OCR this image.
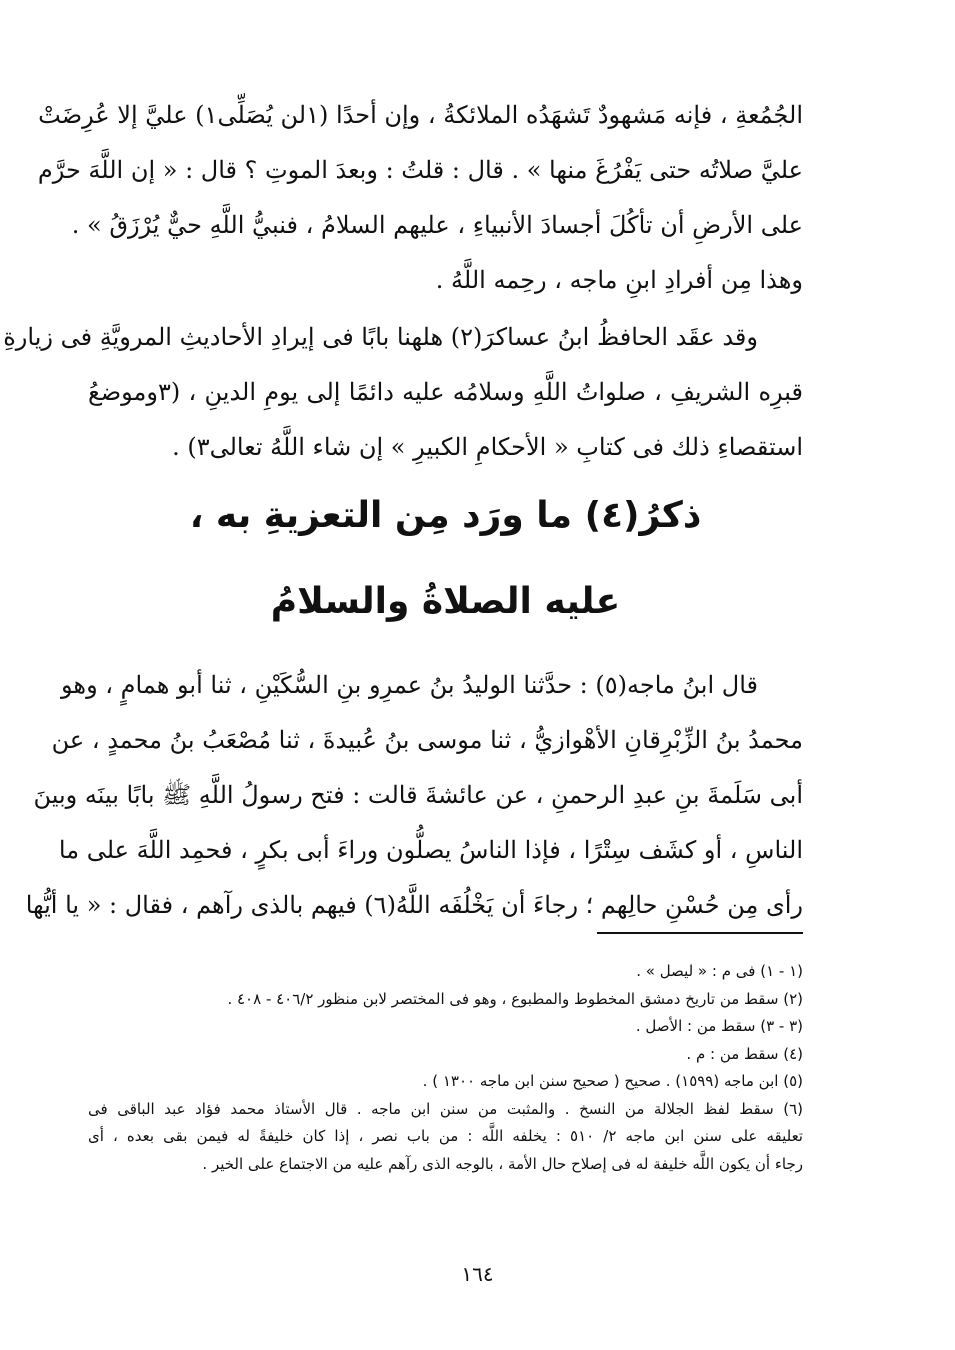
الجُمُعةِ ، فإنه مَشهودٌ تَشهَدُه الملائكةُ ، وإن أحدًا (١لن يُصَلِّى١) عليَّ إلا عُرِضَتْ
عليَّ صلاتُه حتى يَفْرُغَ منها » . قال : قلتُ : وبعدَ الموتِ ؟ قال : « إن اللَّهَ حرَّم
على الأرضِ أن تأكُلَ أجسادَ الأنبياءِ ، عليهم السلامُ ، فنبيُّ اللَّهِ حيٌّ يُرْزَقُ » .
وهذا مِن أفرادِ ابنِ ماجه ، رحِمه اللَّهُ .
وقد عقَد الحافظُ ابنُ عساكرَ(٢) هلهنا بابًا فى إيرادِ الأحاديثِ المرويَّةِ فى زيارةِ
قبرِه الشريفِ ، صلواتُ اللَّهِ وسلامُه عليه دائمًا إلى يومِ الدينِ ، (٣وموضعُ
استقصاءِ ذلك فى كتابِ « الأحكامِ الكبيرِ » إن شاء اللَّهُ تعالى٣) .
ذكرُ(٤) ما ورَد مِن التعزيةِ به ،
عليه الصلاةُ والسلامُ
قال ابنُ ماجه(٥) : حدَّثنا الوليدُ بنُ عمرِو بنِ السُّكَيْنِ ، ثنا أبو همامٍ ، وهو
محمدُ بنُ الزِّبْرِقانِ الأهْوازيُّ ، ثنا موسى بنُ عُبيدةَ ، ثنا مُصْعَبُ بنُ محمدٍ ، عن
أبى سَلَمةَ بنِ عبدِ الرحمنِ ، عن عائشةَ قالت : فتح رسولُ اللَّهِ ﷺ بابًا بينَه وبينَ
الناسِ ، أو كشَف سِتْرًا ، فإذا الناسُ يصلُّون وراءَ أبى بكرٍ ، فحمِد اللَّهَ على ما
رأى مِن حُسْنِ حالِهم ؛ رجاءَ أن يَخْلُفَه اللَّهُ(٦) فيهم بالذى رآهم ، فقال : « يا أيُّها
(١ - ١) فى م : « ليصل » .
(٢) سقط من تاريخ دمشق المخطوط والمطبوع ، وهو فى المختصر لابن منظور ٤٠٦/٢ - ٤٠٨ .
(٣ - ٣) سقط من : الأصل .
(٤) سقط من : م .
(٥) ابن ماجه (١٥٩٩) . صحيح ( صحيح سنن ابن ماجه ١٣٠٠ ) .
(٦) سقط لفظ الجلالة من النسخ . والمثبت من سنن ابن ماجه . قال الأستاذ محمد فؤاد عبد الباقى فى
تعليقه على سنن ابن ماجه ٢/ ٥١٠ : يخلفه اللَّه : من باب نصر ، إذا كان خليفةً له فيمن بقى بعده ، أى
رجاء أن يكون اللَّه خليفة له فى إصلاح حال الأمة ، بالوجه الذى رآهم عليه من الاجتماع على الخير .
١٦٤
